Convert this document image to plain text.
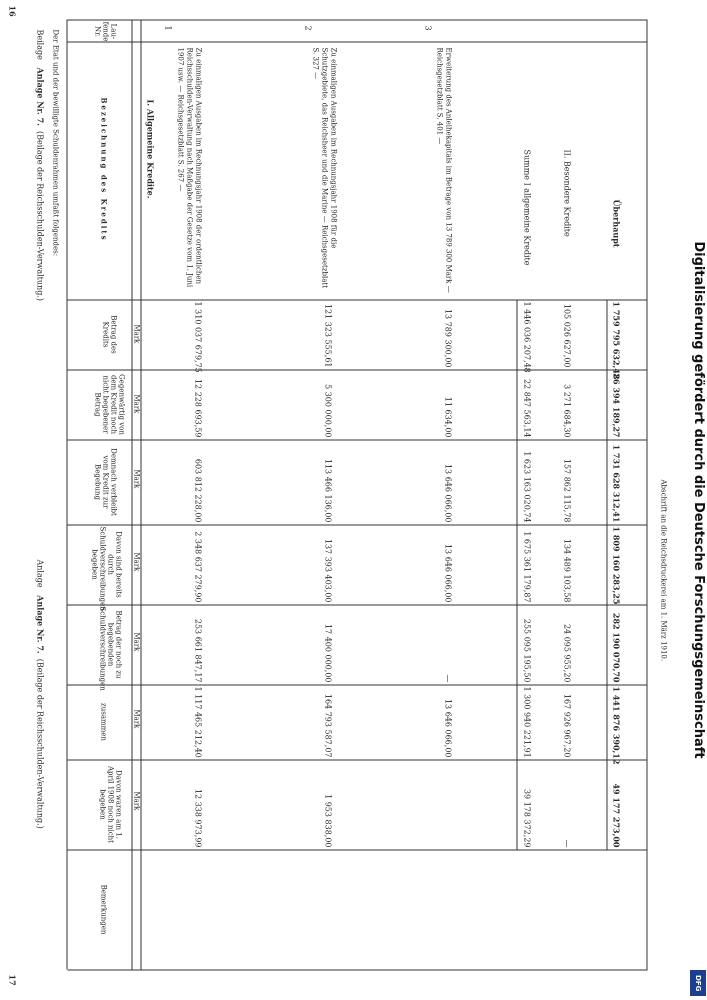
16
17
Beilage   Anlage Nr. 7.  (Beilage der Reichsschulden-Verwaltung.)
Anlage   Anlage Nr. 7.  (Beilage der Reichsschulden-Verwaltung.)
Der Etat und der bewilligte Schuldenrahmen umfaßt folgendes:	Lau- fende Nr.
Bezeichnung des Kredits
Betrag des Kredits
Gegenwärtig von dem Kredit noch nicht begebener Betrag
Demnach verbleibt vom Kredit zur Begebung
Davon sind bereits durch Schuldverschreibungen begeben
Betrag der noch zu begebenden Schuldverschreibungen
zusammen
Davon waren am 1. April 1908 noch nicht begeben
Bemerkungen
Mark
Mark
Mark
Mark
Mark
Mark
Mark
I. Allgemeine Kredite.
1
Zu einmaligen Ausgaben im Rechnungsjahr 1908 der ordentlichen Reichsschulden-Verwaltung nach Maßgabe der Gesetze vom 1. Juni 1907 usw. — Reichsgesetzblatt S. 267 —
1 310 037 679,75
12 228 693,59
603 812 228,00
2 348 637 279,90
253 661 847,17
1 117 465 212,40
12 338 973,99
2
Zu einmaligen Ausgaben im Rechnungsjahr 1908 für die Schutzgebiete, das Reichsheer und die Marine — Reichsgesetzblatt S. 327 —
121 323 555,61
5 300 000,00
113 466 136,00
137 393 403,00
17 400 000,00
164 793 587,07
1 953 838,00
3
Erweiterung des Anleihekapitals im Betrage von 13 789 300 Mark — Reichsgesetzblatt S. 401 —
13 789 300,00
11 634,00
13 646 066,00
13 646 066,00
—
13 646 066,00
Summe I allgemeine Kredite
1 446 036 207,48
22 847 563,14
1 623 163 020,74
1 675 361 179,87
255 095 195,50
1 300 940 221,91
39 178 372,29
II. Besondere Kredite
105 026 627,00
3 271 684,30
157 862 115,78
134 489 103,58
24 095 955,20
167 926 967,20
—
Überhaupt
1 759 795 632,48
26 394 189,27
1 731 628 312,41
1 809 160 283,25
282 190 070,70
1 441 876 390,12
49 177 273,00
Abschrift an die Reichsdruckerei am 1. März 1910. Digitalisierung gefördert durch die Deutsche Forschungsgemeinschaft
DFG
